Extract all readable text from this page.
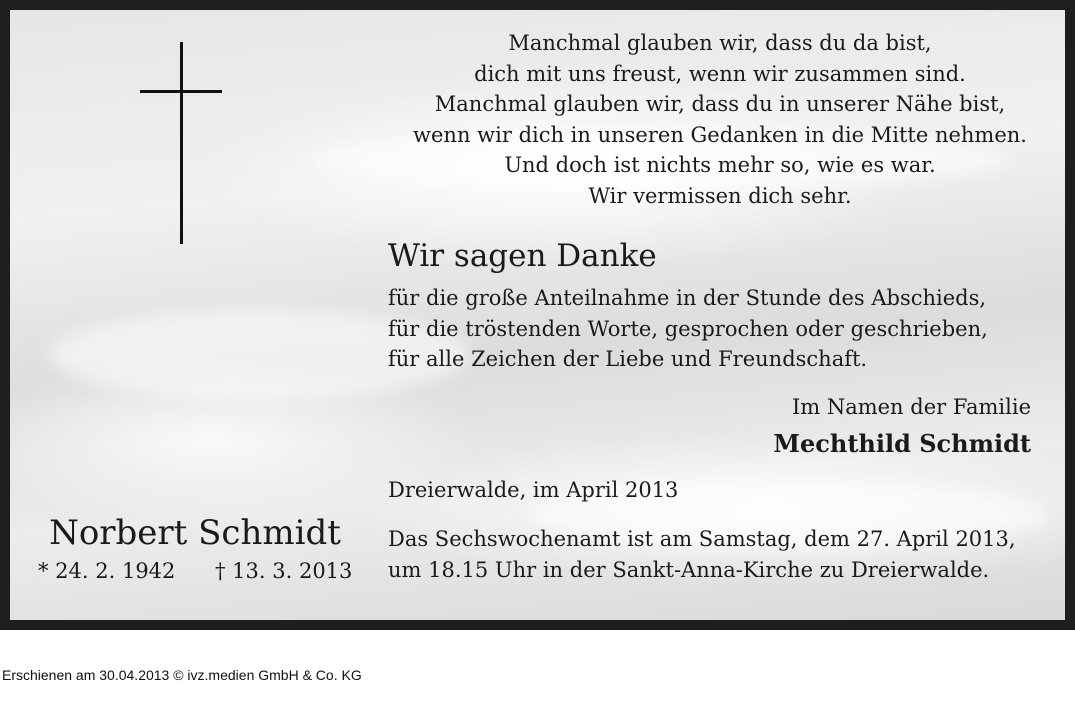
Manchmal glauben wir, dass du da bist,
dich mit uns freust, wenn wir zusammen sind.
Manchmal glauben wir, dass du in unserer Nähe bist,
wenn wir dich in unseren Gedanken in die Mitte nehmen.
Und doch ist nichts mehr so, wie es war.
Wir vermissen dich sehr.
Wir sagen Danke
für die große Anteilnahme in der Stunde des Abschieds,
für die tröstenden Worte, gesprochen oder geschrieben,
für alle Zeichen der Liebe und Freundschaft.
Im Namen der Familie
Mechthild Schmidt
Dreierwalde, im April 2013
Das Sechswochenamt ist am Samstag, dem 27. April 2013,
um 18.15 Uhr in der Sankt-Anna-Kirche zu Dreierwalde.
Norbert Schmidt
* 24. 2. 1942 † 13. 3. 2013
Erschienen am 30.04.2013 © ivz.medien GmbH & Co. KG
